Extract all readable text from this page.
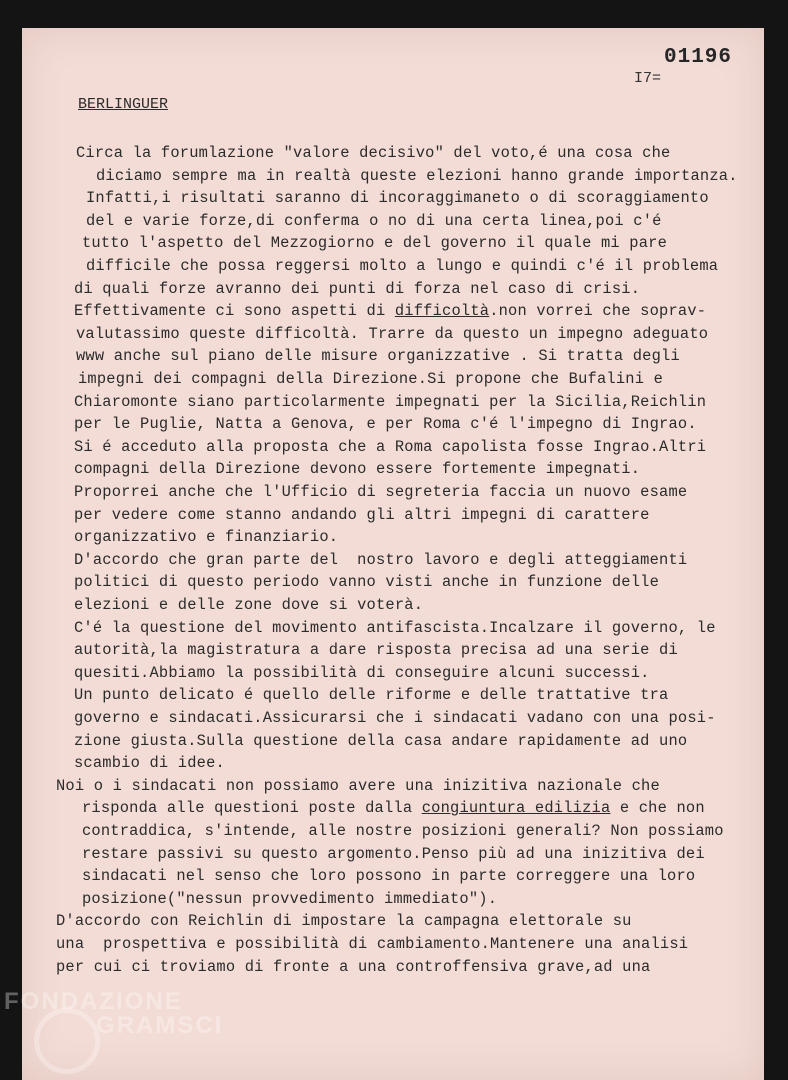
01196
I7=
BERLINGUER
Circa la forumlazione "valore decisivo" del voto,é una cosa che
diciamo sempre ma in realtà queste elezioni hanno grande importanza.
Infatti,i risultati saranno di incoraggimaneto o di scoraggiamento
del e varie forze,di conferma o no di una certa linea,poi c'é
tutto l'aspetto del Mezzogiorno e del governo il quale mi pare
difficile che possa reggersi molto a lungo e quindi c'é il problema
di quali forze avranno dei punti di forza nel caso di crisi.
Effettivamente ci sono aspetti di difficoltà.non vorrei che soprav-
valutassimo queste difficoltà. Trarre da questo un impegno adeguato
www anche sul piano delle misure organizzative . Si tratta degli
impegni dei compagni della Direzione.Si propone che Bufalini e
Chiaromonte siano particolarmente impegnati per la Sicilia,Reichlin
per le Puglie, Natta a Genova, e per Roma c'é l'impegno di Ingrao.
Si é acceduto alla proposta che a Roma capolista fosse Ingrao.Altri
compagni della Direzione devono essere fortemente impegnati.
Proporrei anche che l'Ufficio di segreteria faccia un nuovo esame
per vedere come stanno andando gli altri impegni di carattere
organizzativo e finanziario.
D'accordo che gran parte del  nostro lavoro e degli atteggiamenti
politici di questo periodo vanno visti anche in funzione delle
elezioni e delle zone dove si voterà.
C'é la questione del movimento antifascista.Incalzare il governo, le
autorità,la magistratura a dare risposta precisa ad una serie di
quesiti.Abbiamo la possibilità di conseguire alcuni successi.
Un punto delicato é quello delle riforme e delle trattative tra
governo e sindacati.Assicurarsi che i sindacati vadano con una posi-
zione giusta.Sulla questione della casa andare rapidamente ad uno
scambio di idee.
Noi o i sindacati non possiamo avere una inizitiva nazionale che
risponda alle questioni poste dalla congiuntura edilizia e che non
contraddica, s'intende, alle nostre posizioni generali? Non possiamo
restare passivi su questo argomento.Penso più ad una inizitiva dei
sindacati nel senso che loro possono in parte correggere una loro
posizione("nessun provvedimento immediato").
D'accordo con Reichlin di impostare la campagna elettorale su
una  prospettiva e possibilità di cambiamento.Mantenere una analisi
per cui ci troviamo di fronte a una controffensiva grave,ad una
FONDAZIONE
GRAMSCI
